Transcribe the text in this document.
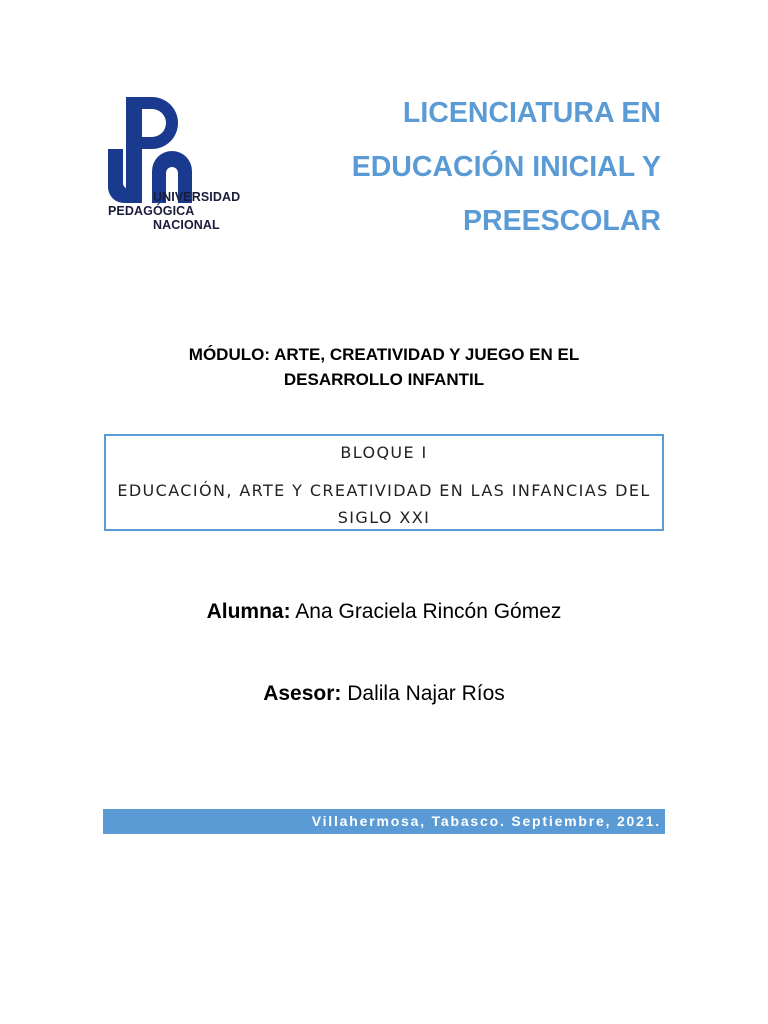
UNIVERSIDAD
PEDAGÓGICA
NACIONAL
LICENCIATURA EN
EDUCACIÓN INICIAL Y
PREESCOLAR
MÓDULO: ARTE, CREATIVIDAD Y JUEGO EN EL
DESARROLLO INFANTIL
BLOQUE I
EDUCACIÓN, ARTE Y CREATIVIDAD EN LAS INFANCIAS DEL SIGLO XXI
Alumna: Ana Graciela Rincón Gómez
Asesor: Dalila Najar Ríos
Villahermosa, Tabasco. Septiembre, 2021.
